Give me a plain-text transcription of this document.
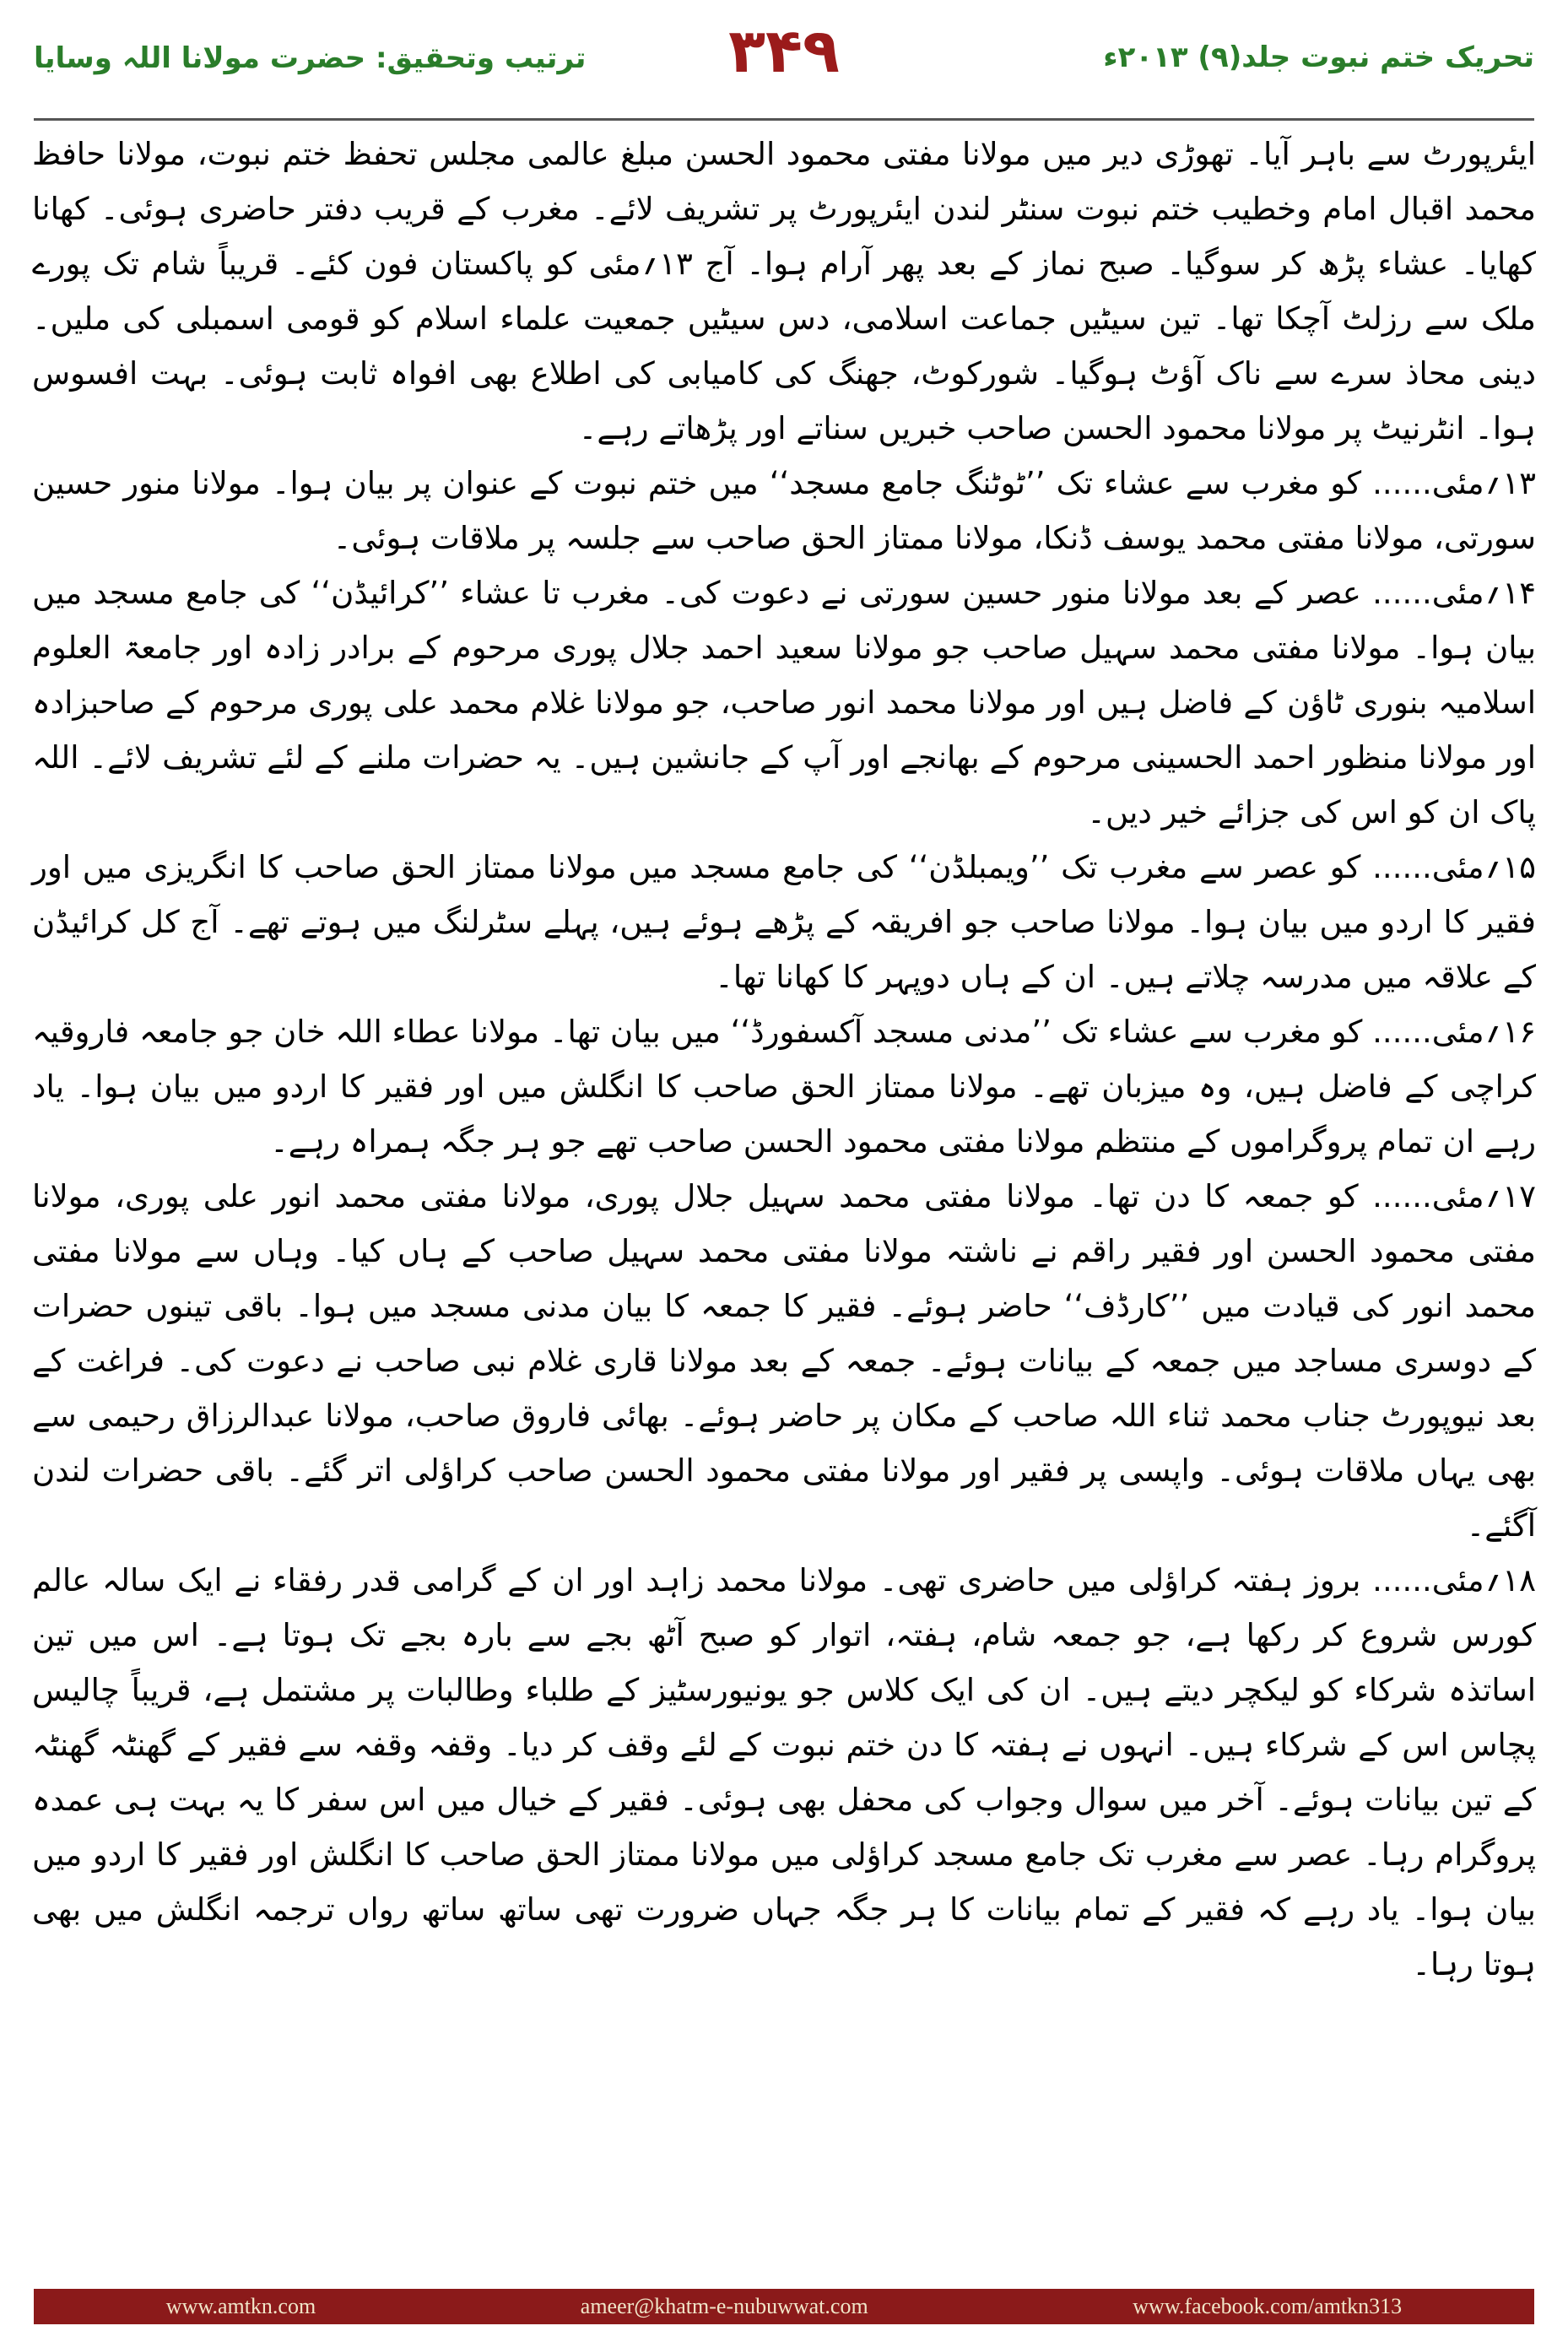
ترتیب وتحقیق: حضرت مولانا اللہ وسایا ۳۴۹	تحریک ختم نبوت جلد(۹) ۲۰۱۳ء

ایئرپورٹ سے باہر آیا۔ تھوڑی دیر میں مولانا مفتی محمود الحسن مبلغ عالمی مجلس تحفظ ختم نبوت، مولانا حافظ محمد اقبال امام وخطیب ختم نبوت سنٹر لندن ایئرپورٹ پر تشریف لائے۔ مغرب کے قریب دفتر حاضری ہوئی۔ کھانا کھایا۔ عشاء پڑھ کر سوگیا۔ صبح نماز کے بعد پھر آرام ہوا۔ آج ۱۳؍مئی کو پاکستان فون کئے۔ قریباً شام تک پورے ملک سے رزلٹ آچکا تھا۔ تین سیٹیں جماعت اسلامی، دس سیٹیں جمعیت علماء اسلام کو قومی اسمبلی کی ملیں۔ دینی محاذ سرے سے ناک آؤٹ ہوگیا۔ شورکوٹ، جھنگ کی کامیابی کی اطلاع بھی افواہ ثابت ہوئی۔ بہت افسوس ہوا۔ انٹرنیٹ پر مولانا محمود الحسن صاحب خبریں سناتے اور پڑھاتے رہے۔

۱۳؍مئی...... کو مغرب سے عشاء تک ’’ٹوٹنگ جامع مسجد‘‘ میں ختم نبوت کے عنوان پر بیان ہوا۔ مولانا منور حسین سورتی، مولانا مفتی محمد یوسف ڈنکا، مولانا ممتاز الحق صاحب سے جلسہ پر ملاقات ہوئی۔

۱۴؍مئی...... عصر کے بعد مولانا منور حسین سورتی نے دعوت کی۔ مغرب تا عشاء ’’کرائیڈن‘‘ کی جامع مسجد میں بیان ہوا۔ مولانا مفتی محمد سہیل صاحب جو مولانا سعید احمد جلال پوری مرحوم کے برادر زادہ اور جامعۃ العلوم اسلامیہ بنوری ٹاؤن کے فاضل ہیں اور مولانا محمد انور صاحب، جو مولانا غلام محمد علی پوری مرحوم کے صاحبزادہ اور مولانا منظور احمد الحسینی مرحوم کے بھانجے اور آپ کے جانشین ہیں۔ یہ حضرات ملنے کے لئے تشریف لائے۔ اللہ پاک ان کو اس کی جزائے خیر دیں۔

۱۵؍مئی...... کو عصر سے مغرب تک ’’ویمبلڈن‘‘ کی جامع مسجد میں مولانا ممتاز الحق صاحب کا انگریزی میں اور فقیر کا اردو میں بیان ہوا۔ مولانا صاحب جو افریقہ کے پڑھے ہوئے ہیں، پہلے سٹرلنگ میں ہوتے تھے۔ آج کل کرائیڈن کے علاقہ میں مدرسہ چلاتے ہیں۔ ان کے ہاں دوپہر کا کھانا تھا۔

۱۶؍مئی...... کو مغرب سے عشاء تک ’’مدنی مسجد آکسفورڈ‘‘ میں بیان تھا۔ مولانا عطاء اللہ خان جو جامعہ فاروقیہ کراچی کے فاضل ہیں، وہ میزبان تھے۔ مولانا ممتاز الحق صاحب کا انگلش میں اور فقیر کا اردو میں بیان ہوا۔ یاد رہے ان تمام پروگراموں کے منتظم مولانا مفتی محمود الحسن صاحب تھے جو ہر جگہ ہمراہ رہے۔

۱۷؍مئی...... کو جمعہ کا دن تھا۔ مولانا مفتی محمد سہیل جلال پوری، مولانا مفتی محمد انور علی پوری، مولانا مفتی محمود الحسن اور فقیر راقم نے ناشتہ مولانا مفتی محمد سہیل صاحب کے ہاں کیا۔ وہاں سے مولانا مفتی محمد انور کی قیادت میں ’’کارڈف‘‘ حاضر ہوئے۔ فقیر کا جمعہ کا بیان مدنی مسجد میں ہوا۔ باقی تینوں حضرات کے دوسری مساجد میں جمعہ کے بیانات ہوئے۔ جمعہ کے بعد مولانا قاری غلام نبی صاحب نے دعوت کی۔ فراغت کے بعد نیوپورٹ جناب محمد ثناء اللہ صاحب کے مکان پر حاضر ہوئے۔ بھائی فاروق صاحب، مولانا عبدالرزاق رحیمی سے بھی یہاں ملاقات ہوئی۔ واپسی پر فقیر اور مولانا مفتی محمود الحسن صاحب کراؤلی اتر گئے۔ باقی حضرات لندن آگئے۔

۱۸؍مئی...... بروز ہفتہ کراؤلی میں حاضری تھی۔ مولانا محمد زاہد اور ان کے گرامی قدر رفقاء نے ایک سالہ عالم کورس شروع کر رکھا ہے، جو جمعہ شام، ہفتہ، اتوار کو صبح آٹھ بجے سے بارہ بجے تک ہوتا ہے۔ اس میں تین اساتذہ شرکاء کو لیکچر دیتے ہیں۔ ان کی ایک کلاس جو یونیورسٹیز کے طلباء وطالبات پر مشتمل ہے، قریباً چالیس پچاس اس کے شرکاء ہیں۔ انہوں نے ہفتہ کا دن ختم نبوت کے لئے وقف کر دیا۔ وقفہ وقفہ سے فقیر کے گھنٹہ گھنٹہ کے تین بیانات ہوئے۔ آخر میں سوال وجواب کی محفل بھی ہوئی۔ فقیر کے خیال میں اس سفر کا یہ بہت ہی عمدہ پروگرام رہا۔ عصر سے مغرب تک جامع مسجد کراؤلی میں مولانا ممتاز الحق صاحب کا انگلش اور فقیر کا اردو میں بیان ہوا۔ یاد رہے کہ فقیر کے تمام بیانات کا ہر جگہ جہاں ضرورت تھی ساتھ ساتھ رواں ترجمہ انگلش میں بھی ہوتا رہا۔

www.amtkn.com	ameer@khatm-e-nubuwwat.com	www.facebook.com/amtkn313
